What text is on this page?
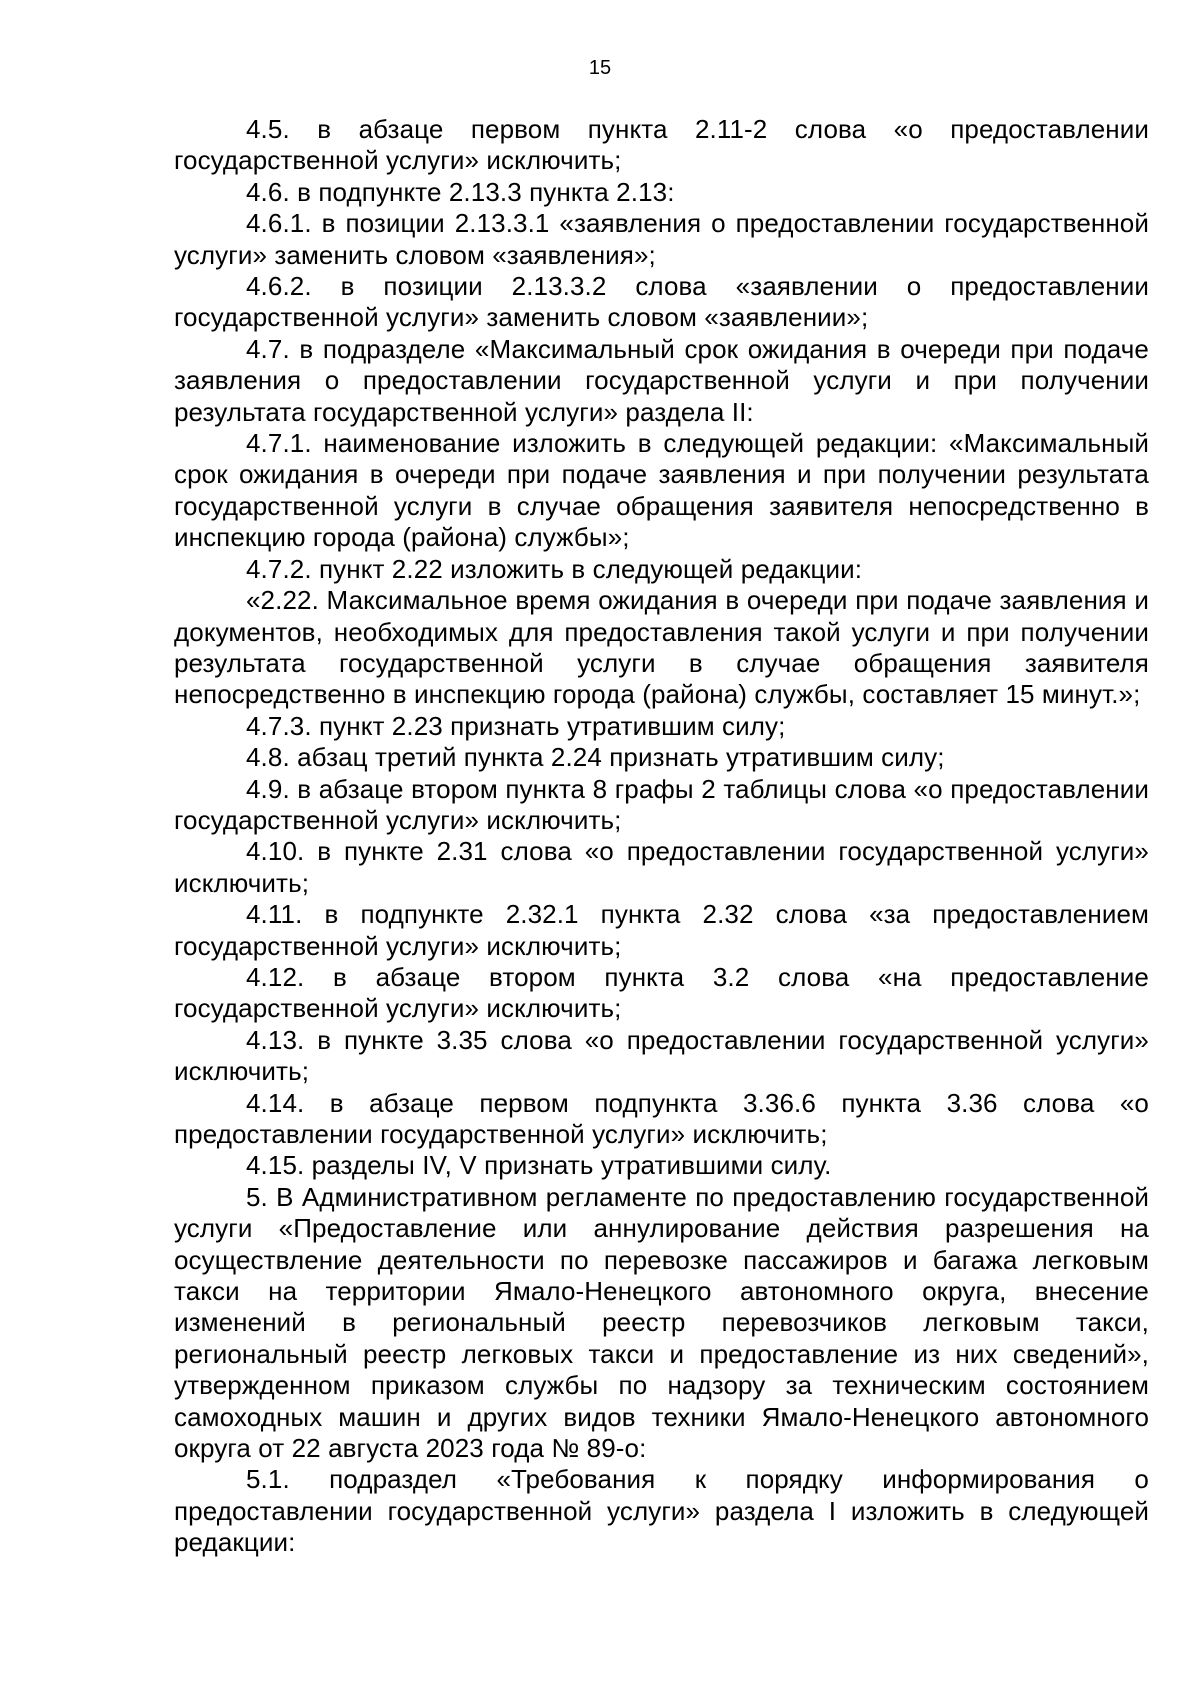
15

4.5. в абзаце первом пункта 2.11-2 слова «о предоставлении государственной услуги» исключить;

4.6. в подпункте 2.13.3 пункта 2.13:

4.6.1. в позиции 2.13.3.1 «заявления о предоставлении государственной услуги» заменить словом «заявления»;

4.6.2. в позиции 2.13.3.2 слова «заявлении о предоставлении государственной услуги» заменить словом «заявлении»;

4.7. в подразделе «Максимальный срок ожидания в очереди при подаче заявления о предоставлении государственной услуги и при получении результата государственной услуги» раздела II:

4.7.1. наименование изложить в следующей редакции: «Максимальный срок ожидания в очереди при подаче заявления и при получении результата государственной услуги в случае обращения заявителя непосредственно в инспекцию города (района) службы»;

4.7.2. пункт 2.22 изложить в следующей редакции:

«2.22. Максимальное время ожидания в очереди при подаче заявления и документов, необходимых для предоставления такой услуги и при получении результата государственной услуги в случае обращения заявителя непосредственно в инспекцию города (района) службы, составляет 15 минут.»;

4.7.3. пункт 2.23 признать утратившим силу;

4.8. абзац третий пункта 2.24 признать утратившим силу;

4.9. в абзаце втором пункта 8 графы 2 таблицы слова «о предоставлении государственной услуги» исключить;

4.10. в пункте 2.31 слова «о предоставлении государственной услуги» исключить;

4.11. в подпункте 2.32.1 пункта 2.32 слова «за предоставлением государственной услуги» исключить;

4.12. в абзаце втором пункта 3.2 слова «на предоставление государственной услуги» исключить;

4.13. в пункте 3.35 слова «о предоставлении государственной услуги» исключить;

4.14. в абзаце первом подпункта 3.36.6 пункта 3.36 слова «о предоставлении государственной услуги» исключить;

4.15. разделы IV, V признать утратившими силу.

5. В Административном регламенте по предоставлению государственной услуги «Предоставление или аннулирование действия разрешения на осуществление деятельности по перевозке пассажиров и багажа легковым такси на территории Ямало-Ненецкого автономного округа, внесение изменений в региональный реестр перевозчиков легковым такси, региональный реестр легковых такси и предоставление из них сведений», утвержденном приказом службы по надзору за техническим состоянием самоходных машин и других видов техники Ямало-Ненецкого автономного округа от 22 августа 2023 года № 89-о:

5.1. подраздел «Требования к порядку информирования о предоставлении государственной услуги» раздела I изложить в следующей редакции:
